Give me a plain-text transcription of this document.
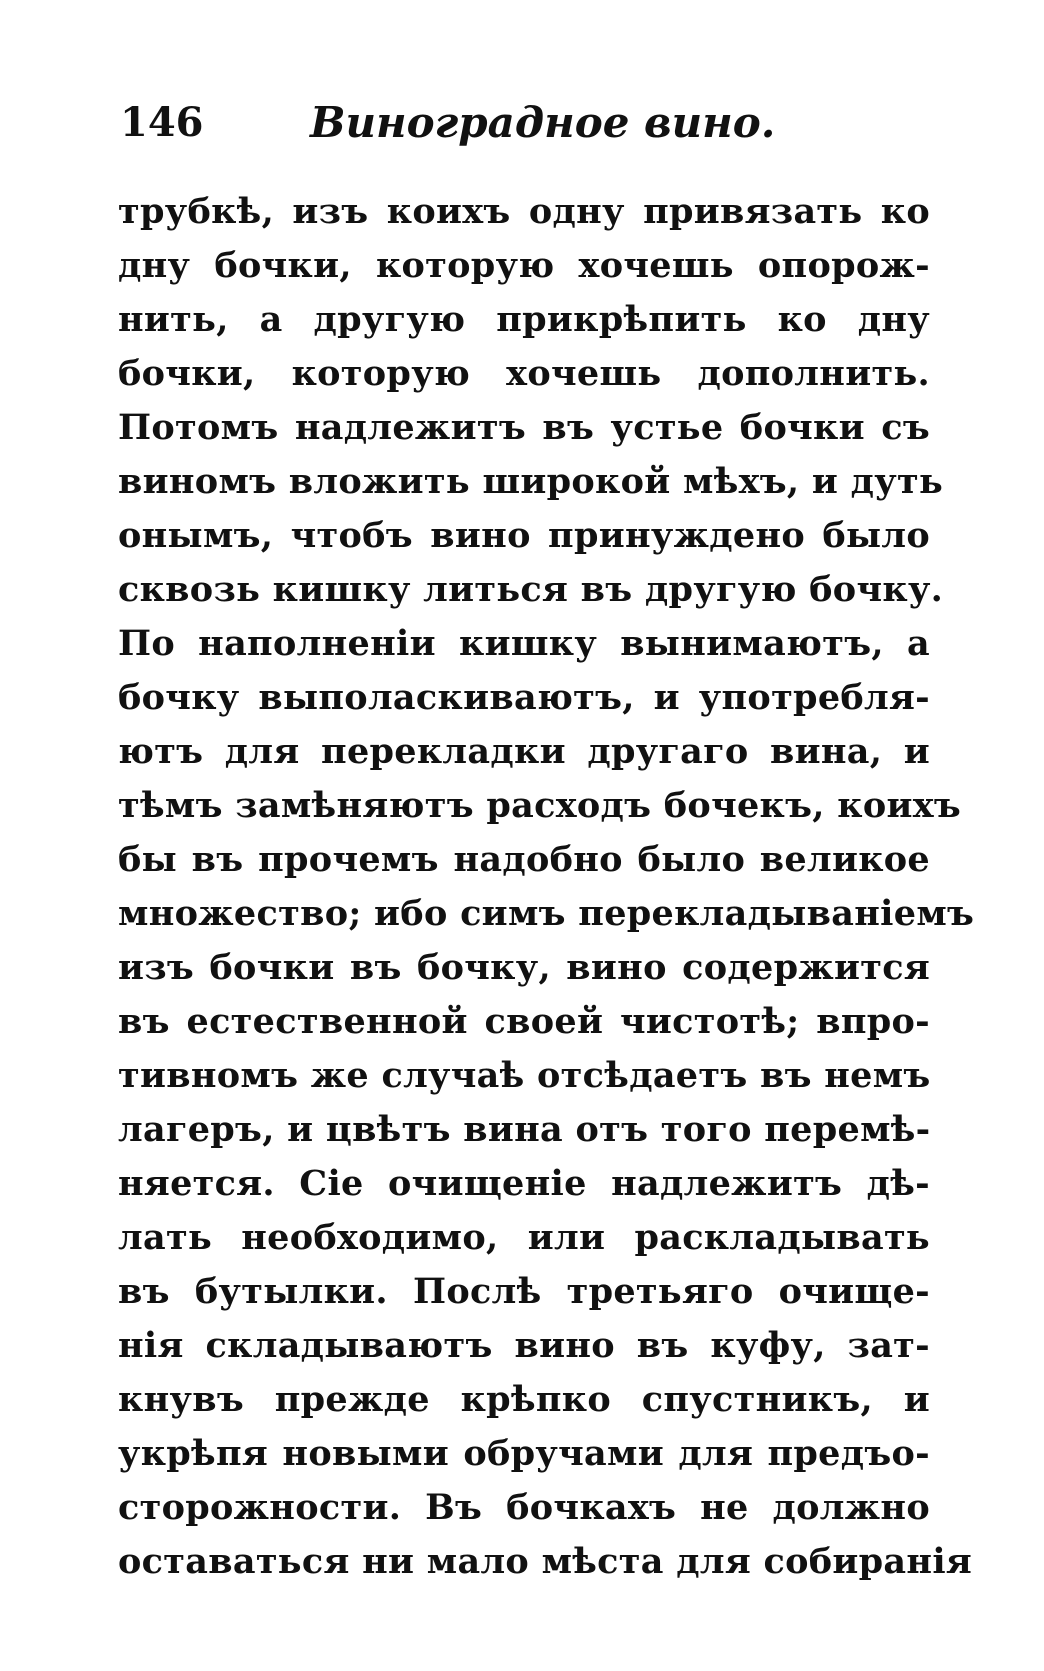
146	Виноградное вино.
трубкѣ, изъ коихъ одну привязать ко
дну бочки, которую хочешь опорож-
нить, а другую прикрѣпить ко дну
бочки, которую хочешь дополнить.
Потомъ надлежитъ въ устье бочки съ
виномъ вложить широкой мѣхъ, и дуть
онымъ, чтобъ вино принуждено было
сквозь кишку литься въ другую бочку.
По наполненіи кишку вынимаютъ, а
бочку выполаскиваютъ, и употребля-
ютъ для перекладки другаго вина, и
тѣмъ замѣняютъ расходъ бочекъ, коихъ
бы въ прочемъ надобно было великое
множество; ибо симъ перекладываніемъ
изъ бочки въ бочку, вино содержится
въ естественной своей чистотѣ; впро-
тивномъ же случаѣ отсѣдаетъ въ немъ
лагеръ, и цвѣтъ вина отъ того перемѣ-
няется. Сіе очищеніе надлежитъ дѣ-
лать необходимо, или раскладывать
въ бутылки. Послѣ третьяго очище-
нія складываютъ вино въ куфу, зат-
кнувъ прежде крѣпко спустникъ, и
укрѣпя новыми обручами для предъо-
сторожности. Въ бочкахъ не должно
оставаться ни мало мѣста для собиранія
